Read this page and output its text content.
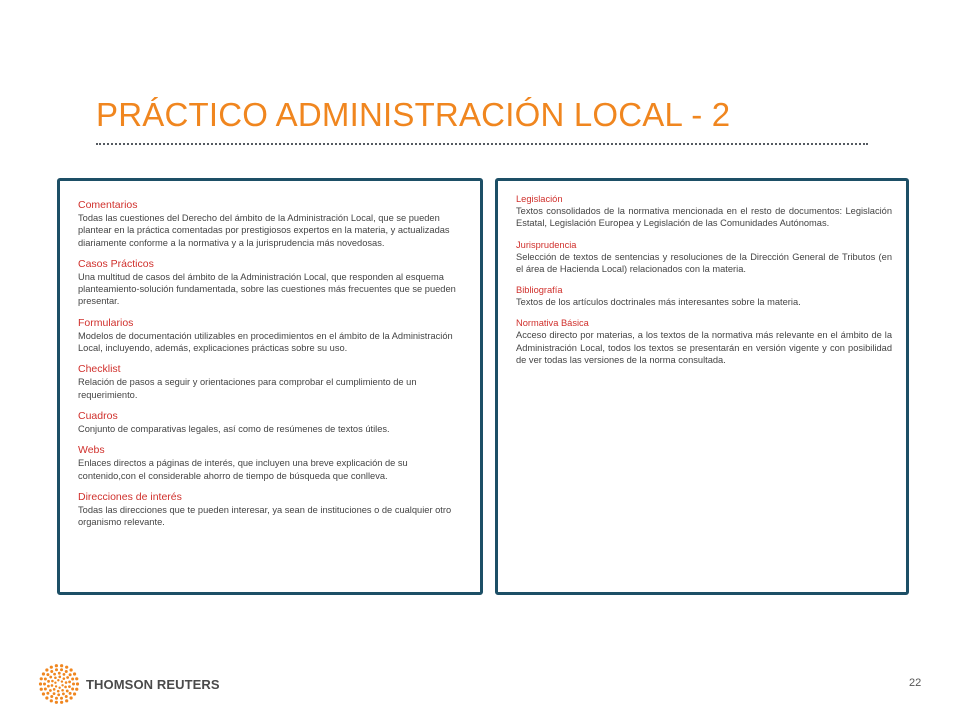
PRÁCTICO ADMINISTRACIÓN LOCAL - 2
Comentarios
Todas las cuestiones del Derecho del ámbito de la Administración Local, que se pueden plantear en la práctica comentadas por prestigiosos expertos en la materia, y actualizadas diariamente conforme a la normativa y a la jurisprudencia más novedosas.
Casos Prácticos
Una multitud de casos del ámbito de la Administración Local, que responden al esquema planteamiento-solución fundamentada, sobre las cuestiones más frecuentes que se pueden presentar.
Formularios
Modelos de documentación utilizables en procedimientos en el ámbito de la Administración Local, incluyendo, además, explicaciones prácticas sobre su uso.
Checklist
Relación de pasos a seguir y orientaciones para comprobar el cumplimiento de un requerimiento.
Cuadros
Conjunto de comparativas legales, así como de resúmenes de textos útiles.
Webs
Enlaces directos a páginas de interés, que incluyen una breve explicación de su contenido,con el considerable ahorro de tiempo de búsqueda que conlleva.
Direcciones de interés
Todas las direcciones que te pueden interesar, ya sean de instituciones o de cualquier otro organismo relevante.
Legislación
Textos consolidados de la normativa mencionada en el resto de documentos: Legislación Estatal, Legislación Europea y Legislación de las Comunidades Autónomas.
Jurisprudencia
Selección de textos de sentencias y resoluciones de la Dirección General de Tributos (en el área de Hacienda Local) relacionados con la materia.
Bibliografía
Textos de los artículos doctrinales más interesantes sobre la materia.
Normativa Básica
Acceso directo por materias, a los textos de la normativa más relevante en el ámbito de la Administración Local, todos los textos se presentarán en versión vigente y con posibilidad de ver todas las versiones de la norma consultada.
THOMSON REUTERS	22
